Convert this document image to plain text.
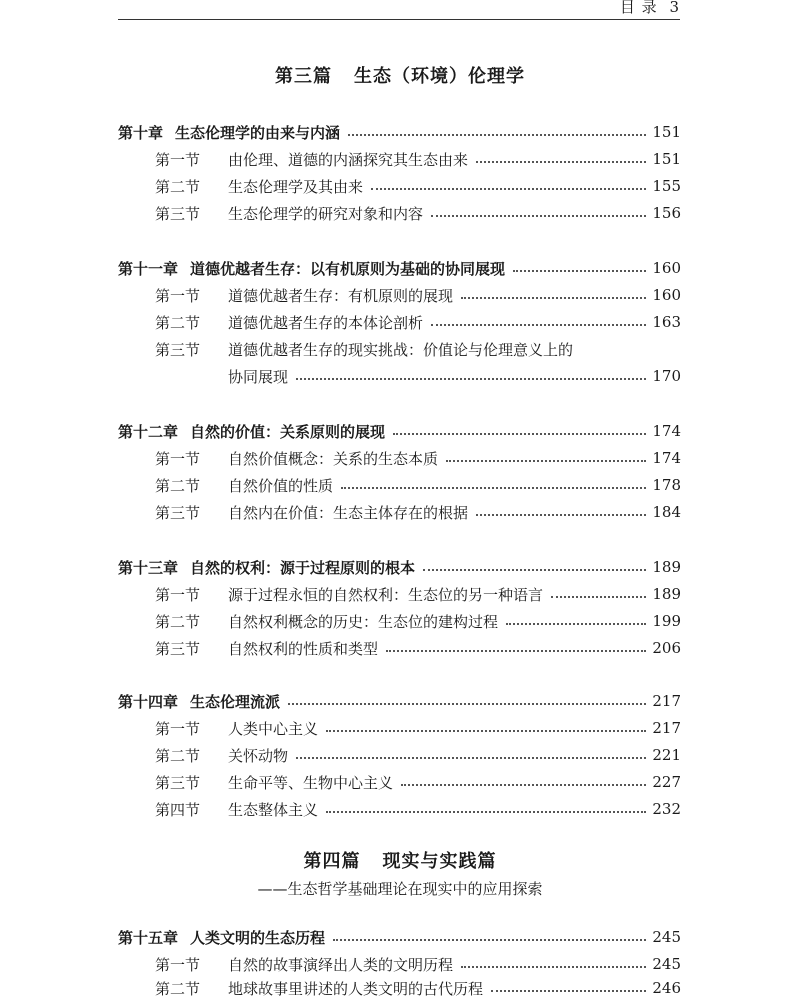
目 录 3
第三篇 生态（环境）伦理学
第十章 生态伦理学的由来与内涵	151
第一节	由伦理、道德的内涵探究其生态由来	151
第二节	生态伦理学及其由来	155
第三节	生态伦理学的研究对象和内容	156
第十一章 道德优越者生存：以有机原则为基础的协同展现	160
第一节	道德优越者生存：有机原则的展现	160
第二节	道德优越者生存的本体论剖析	163
第三节	道德优越者生存的现实挑战：价值论与伦理意义上的
协同展现	170
第十二章 自然的价值：关系原则的展现	174
第一节	自然价值概念：关系的生态本质	174
第二节	自然价值的性质	178
第三节	自然内在价值：生态主体存在的根据	184
第十三章 自然的权利：源于过程原则的根本	189
第一节	源于过程永恒的自然权利：生态位的另一种语言	189
第二节	自然权利概念的历史：生态位的建构过程	199
第三节	自然权利的性质和类型	206
第十四章 生态伦理流派	217
第一节	人类中心主义	217
第二节	关怀动物	221
第三节	生命平等、生物中心主义	227
第四节	生态整体主义	232
第四篇 现实与实践篇
——生态哲学基础理论在现实中的应用探索
第十五章 人类文明的生态历程	245
第一节	自然的故事演绎出人类的文明历程	245
第二节	地球故事里讲述的人类文明的古代历程	246
